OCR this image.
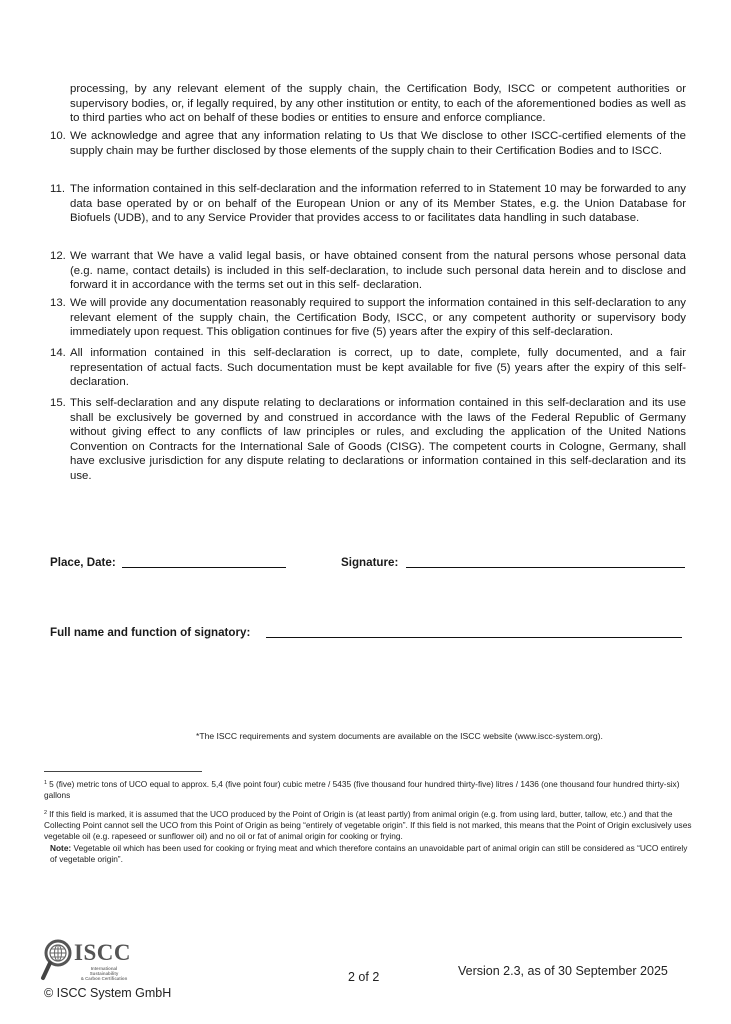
processing, by any relevant element of the supply chain, the Certification Body, ISCC or competent authorities or supervisory bodies, or, if legally required, by any other institution or entity, to each of the aforementioned bodies as well as to third parties who act on behalf of these bodies or entities to ensure and enforce compliance.
10. We acknowledge and agree that any information relating to Us that We disclose to other ISCC-certified elements of the supply chain may be further disclosed by those elements of the supply chain to their Certification Bodies and to ISCC.
11. The information contained in this self-declaration and the information referred to in Statement 10 may be forwarded to any data base operated by or on behalf of the European Union or any of its Member States, e.g. the Union Database for Biofuels (UDB), and to any Service Provider that provides access to or facilitates data handling in such database.
12. We warrant that We have a valid legal basis, or have obtained consent from the natural persons whose personal data (e.g. name, contact details) is included in this self-declaration, to include such personal data herein and to disclose and forward it in accordance with the terms set out in this self- declaration.
13. We will provide any documentation reasonably required to support the information contained in this self-declaration to any relevant element of the supply chain, the Certification Body, ISCC, or any competent authority or supervisory body immediately upon request. This obligation continues for five (5) years after the expiry of this self-declaration.
14. All information contained in this self-declaration is correct, up to date, complete, fully documented, and a fair representation of actual facts. Such documentation must be kept available for five (5) years after the expiry of this self-declaration.
15. This self-declaration and any dispute relating to declarations or information contained in this self-declaration and its use shall be exclusively be governed by and construed in accordance with the laws of the Federal Republic of Germany without giving effect to any conflicts of law principles or rules, and excluding the application of the United Nations Convention on Contracts for the International Sale of Goods (CISG). The competent courts in Cologne, Germany, shall have exclusive jurisdiction for any dispute relating to declarations or information contained in this self-declaration and its use.
Place, Date:	Signature:
Full name and function of signatory:
*The ISCC requirements and system documents are available on the ISCC website (www.iscc-system.org).
$^1$ 5 (five) metric tons of UCO equal to approx. 5,4 (five point four) cubic metre / 5435 (five thousand four hundred thirty-five) litres / 1436 (one thousand four hundred thirty-six) gallons
$^2$ If this field is marked, it is assumed that the UCO produced by the Point of Origin is (at least partly) from animal origin (e.g. from using lard, butter, tallow, etc.) and that the Collecting Point cannot sell the UCO from this Point of Origin as being “entirely of vegetable origin”. If this field is not marked, this means that the Point of Origin exclusively uses vegetable oil (e.g. rapeseed or sunflower oil) and no oil or fat of animal origin for cooking or frying.
Note: Vegetable oil which has been used for cooking or frying meat and which therefore contains an unavoidable part of animal origin can still be considered as “UCO entirely of vegetable origin”.
ISCC
International Sustainability
& Carbon Certification
© ISCC System GmbH
2 of 2	Version 2.3, as of 30 September 2025
